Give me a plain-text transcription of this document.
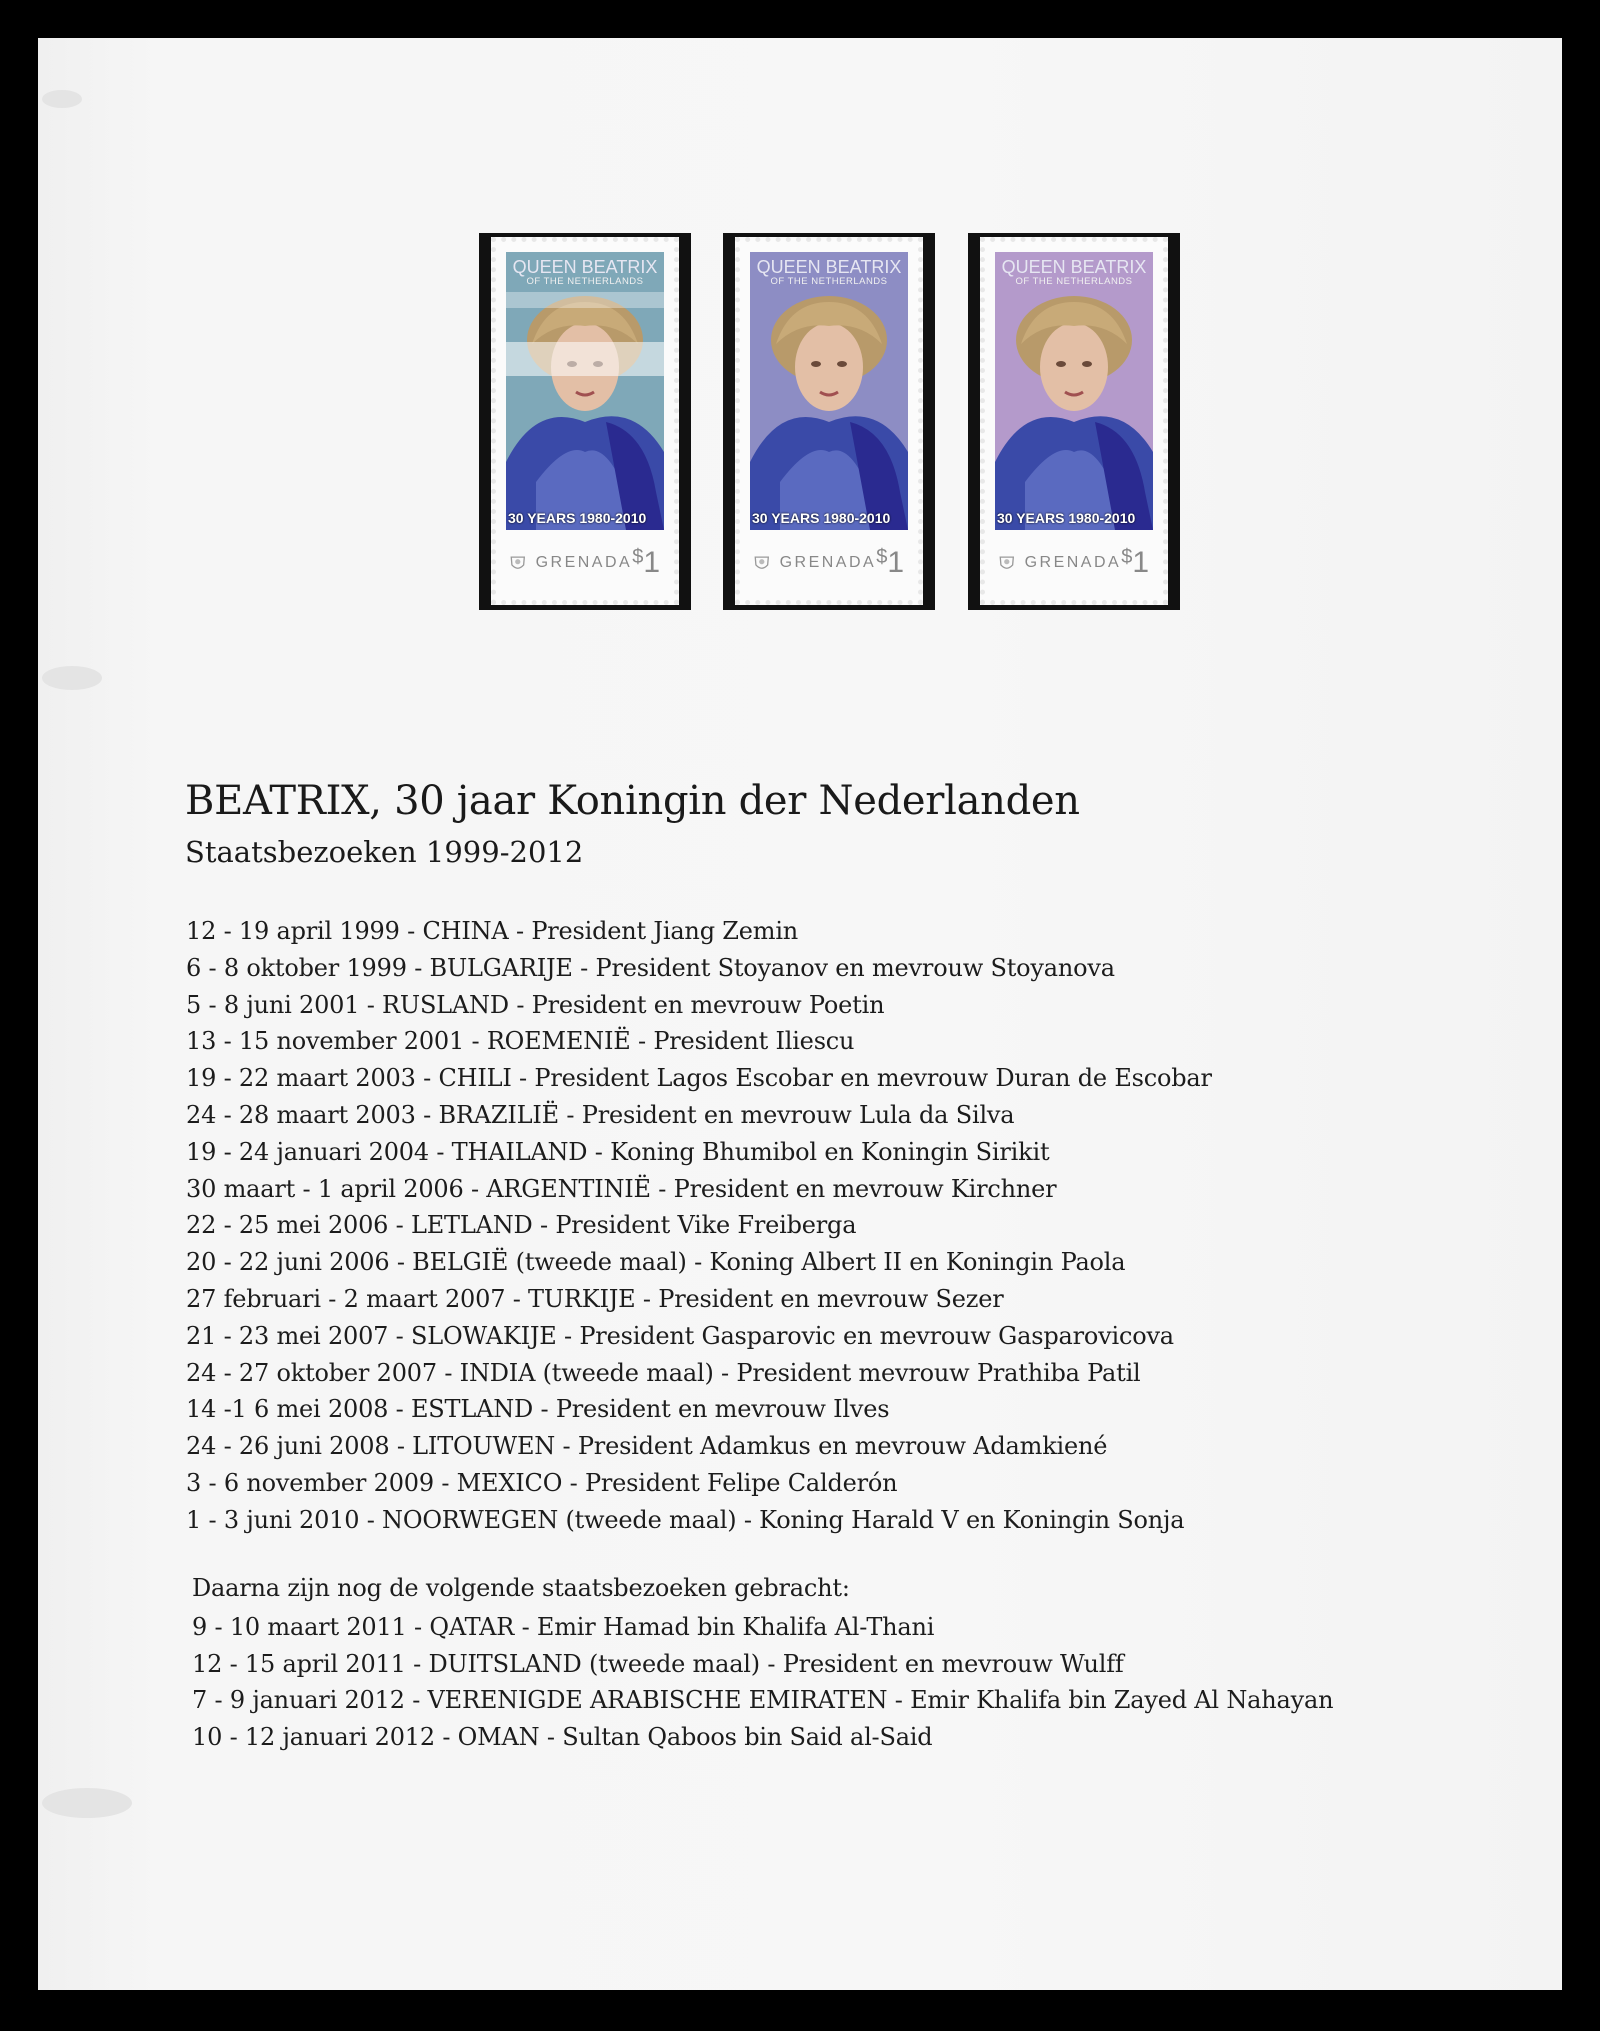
QUEEN BEATRIX
OF THE NETHERLANDS
30 YEARS 1980-2010
GRENADA $1
QUEEN BEATRIX
OF THE NETHERLANDS
30 YEARS 1980-2010
GRENADA $1
QUEEN BEATRIX
OF THE NETHERLANDS
30 YEARS 1980-2010
GRENADA $1
BEATRIX, 30 jaar Koningin der Nederlanden
Staatsbezoeken 1999-2012
12 - 19 april 1999 - CHINA - President Jiang Zemin
6 - 8 oktober 1999 - BULGARIJE - President Stoyanov en mevrouw Stoyanova
5 - 8 juni 2001 - RUSLAND - President en mevrouw Poetin
13 - 15 november 2001 - ROEMENIË - President Iliescu
19 - 22 maart 2003 - CHILI - President Lagos Escobar en mevrouw Duran de Escobar
24 - 28 maart 2003 - BRAZILIË - President en mevrouw Lula da Silva
19 - 24 januari 2004 - THAILAND - Koning Bhumibol en Koningin Sirikit
30 maart - 1 april 2006 - ARGENTINIË - President en mevrouw Kirchner
22 - 25 mei 2006 - LETLAND - President Vike Freiberga
20 - 22 juni 2006 - BELGIË (tweede maal) - Koning Albert II en Koningin Paola
27 februari - 2 maart 2007 - TURKIJE - President en mevrouw Sezer
21 - 23 mei 2007 - SLOWAKIJE - President Gasparovic en mevrouw Gasparovicova
24 - 27 oktober 2007 - INDIA (tweede maal) - President mevrouw Prathiba Patil
14 -1 6 mei 2008 - ESTLAND - President en mevrouw Ilves
24 - 26 juni 2008 - LITOUWEN - President Adamkus en mevrouw Adamkiené
3 - 6 november 2009 - MEXICO - President Felipe Calderón
1 - 3 juni 2010 - NOORWEGEN (tweede maal) - Koning Harald V en Koningin Sonja

Daarna zijn nog de volgende staatsbezoeken gebracht:

9 - 10 maart 2011 - QATAR - Emir Hamad bin Khalifa Al-Thani
12 - 15 april 2011 - DUITSLAND (tweede maal) - President en mevrouw Wulff
7 - 9 januari 2012 - VERENIGDE ARABISCHE EMIRATEN - Emir Khalifa bin Zayed Al Nahayan
10 - 12 januari 2012 - OMAN - Sultan Qaboos bin Said al-Said
